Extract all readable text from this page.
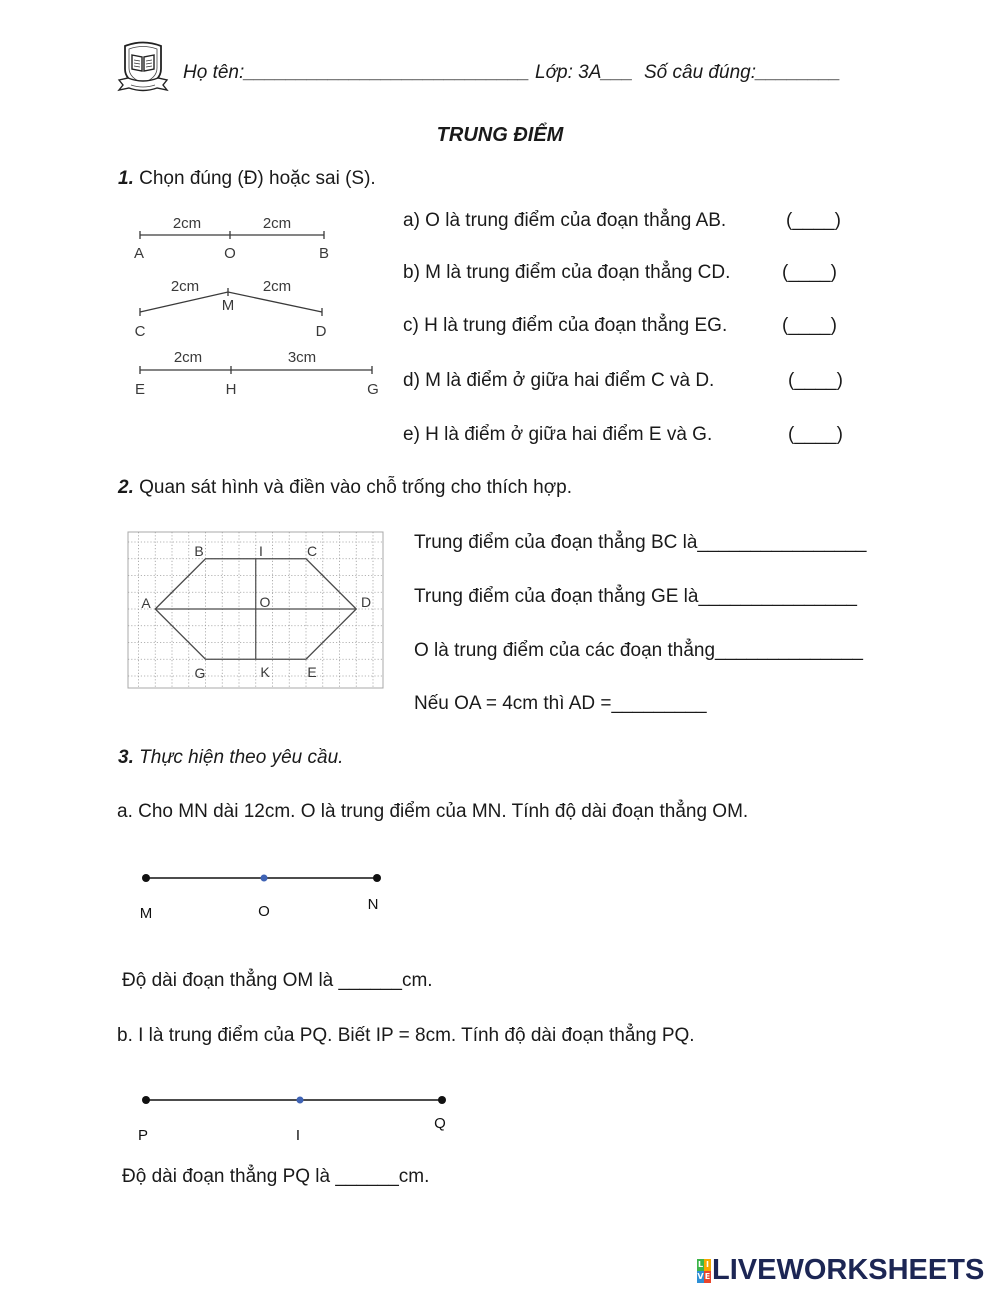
Họ tên:___________________________ Lớp: 3A___ Số câu đúng:________
TRUNG ĐIỂM
1. Chọn đúng (Đ) hoặc sai (S).
2cm	2cm
A	O	B
2cm	2cm
M
C	D
2cm	3cm
E	H	G
a) O là trung điểm của đoạn thẳng AB.	(____)
b) M là trung điểm của đoạn thẳng CD.	(____)
c) H là trung điểm của đoạn thẳng EG.	(____)
d) M là điểm ở giữa hai điểm C và D.	(____)
e) H là điểm ở giữa hai điểm E và G.	(____)
2. Quan sát hình và điền vào chỗ trống cho thích hợp.
B	I	C
A	O	D
G	K	E
Trung điểm của đoạn thẳng BC là________________
Trung điểm của đoạn thẳng GE là_______________
O là trung điểm của các đoạn thẳng______________
Nếu OA = 4cm thì AD =_________
3. Thực hiện theo yêu cầu.
a. Cho MN dài 12cm. O là trung điểm của MN. Tính độ dài đoạn thẳng OM.
M	O	N
Độ dài đoạn thẳng OM là ______cm.
b. I là trung điểm của PQ. Biết IP = 8cm. Tính độ dài đoạn thẳng PQ.
P	I
Q
Độ dài đoạn thẳng PQ là ______cm.
L I
V E LIVEWORKSHEETS
